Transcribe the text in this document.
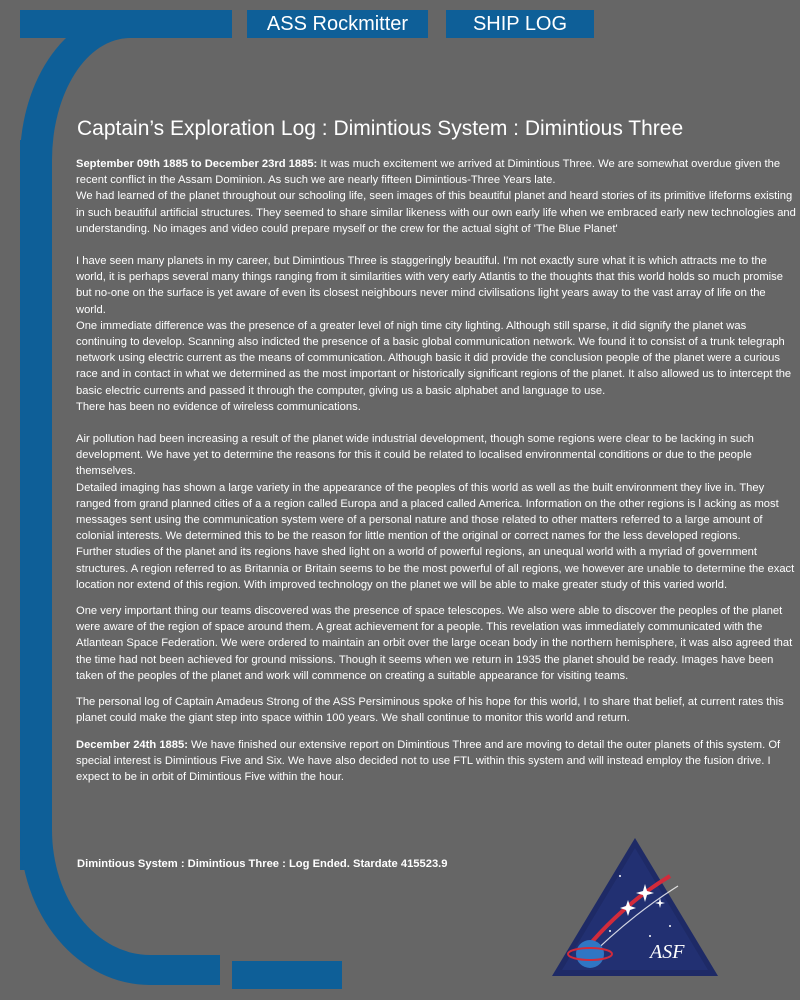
ASS Rockmitter	SHIP LOG
Captain’s Exploration Log : Dimintious System : Dimintious Three

September 09th 1885 to December 23rd 1885: It was much excitement we arrived at Dimintious Three. We are somewhat overdue given the recent conflict in the Assam Dominion. As such we are nearly fifteen Dimintious-Three Years late.

We had learned of the planet throughout our schooling life, seen images of this beautiful planet and heard stories of its primitive lifeforms existing in such beautiful artificial structures. They seemed to share similar likeness with our own early life when we embraced early new technologies and understanding. No images and video could prepare myself or the crew for the actual sight of 'The Blue Planet'

I have seen many planets in my career, but Dimintious Three is staggeringly beautiful. I'm not exactly sure what it is which attracts me to the world, it is perhaps several many things ranging from it similarities with very early Atlantis to the thoughts that this world holds so much promise but no-one on the surface is yet aware of even its closest neighbours never mind civilisations light years away to the vast array of life on the world.

One immediate difference was the presence of a greater level of nigh time city lighting. Although still sparse, it did signify the planet was continuing to develop. Scanning also indicted the presence of a basic global communication network. We found it to consist of a trunk telegraph network using electric current as the means of communication. Although basic it did provide the conclusion people of the planet were a curious race and in contact in what we determined as the most important or historically significant regions of the planet. It also allowed us to intercept the basic electric currents and passed it through the computer, giving us a basic alphabet and language to use.

There has been no evidence of wireless communications.

Air pollution had been increasing a result of the planet wide industrial development, though some regions were clear to be lacking in such development. We have yet to determine the reasons for this it could be related to localised environmental conditions or due to the people themselves.

Detailed imaging has shown a large variety in the appearance of the peoples of this world as well as the built environment they live in. They ranged from grand planned cities of a a region called Europa and a placed called America. Information on the other regions is l acking as most messages sent using the communication system were of a personal nature and those related to other matters referred to a large amount of colonial interests. We determined this to be the reason for little mention of the original or correct names for the less developed regions.

Further studies of the planet and its regions have shed light on a world of powerful regions, an unequal world with a myriad of government structures. A region referred to as Britannia or Britain seems to be the most powerful of all regions, we however are unable to determine the exact location nor extend of this region. With improved technology on the planet we will be able to make greater study of this varied world.

One very important thing our teams discovered was the presence of space telescopes. We also were able to discover the peoples of the planet were aware of the region of space around them. A great achievement for a people. This revelation was immediately communicated with the Atlantean Space Federation. We were ordered to maintain an orbit over the large ocean body in the northern hemisphere, it was also agreed that the time had not been achieved for ground missions. Though it seems when we return in 1935 the planet should be ready. Images have been taken of the peoples of the planet and work will commence on creating a suitable appearance for visiting teams.

The personal log of Captain Amadeus Strong of the ASS Persiminous spoke of his hope for this world, I to share that belief, at current rates this planet could make the giant step into space within 100 years. We shall continue to monitor this world and return.

December 24th 1885: We have finished our extensive report on Dimintious Three and are moving to detail the outer planets of this system. Of special interest is Dimintious Five and Six. We have also decided not to use FTL within this system and will instead employ the fusion drive. I expect to be in orbit of Dimintious Five within the hour.

Dimintious System : Dimintious Three : Log Ended. Stardate 415523.9
ASF
